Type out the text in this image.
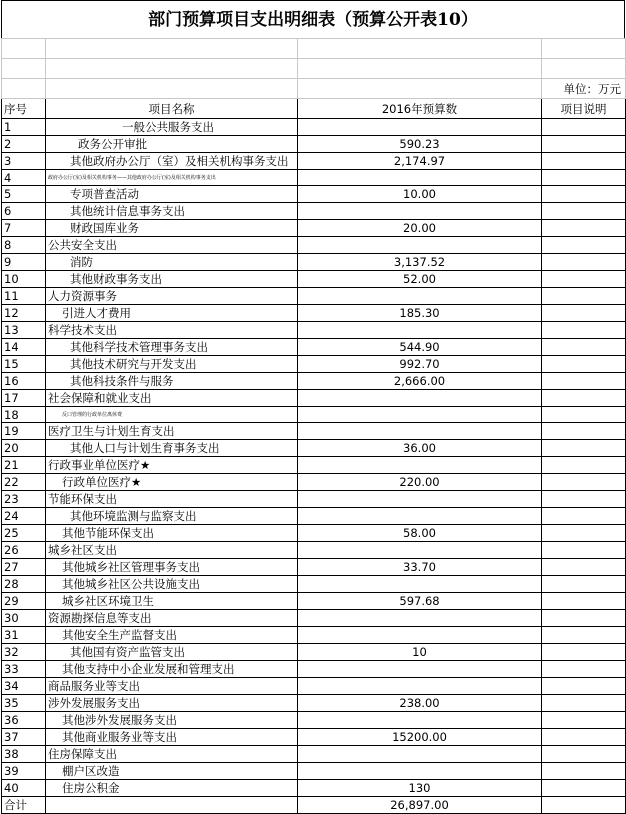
部门预算项目支出明细表（预算公开表10）

			单位：万元
序号	项目名称	2016年预算数	项目说明
1	一般公共服务支出		
2	政务公开审批	590.23	
3	其他政府办公厅（室）及相关机构事务支出	2,174.97	
4	政府办公厅(室)及相关机构事务——其他政府办公厅(室)及相关机构事务支出		
5	专项普查活动	10.00	
6	其他统计信息事务支出		
7	财政国库业务	20.00	
8	公共安全支出		
9	消防	3,137.52	
10	其他财政事务支出	52.00	
11	人力资源事务		
12	引进人才费用	185.30	
13	科学技术支出		
14	其他科学技术管理事务支出	544.90	
15	其他技术研究与开发支出	992.70	
16	其他科技条件与服务	2,666.00	
17	社会保障和就业支出		
18	反口管理的行政单位离休费		
19	医疗卫生与计划生育支出		
20	其他人口与计划生育事务支出	36.00	
21	行政事业单位医疗★		
22	行政单位医疗★	220.00	
23	节能环保支出		
24	其他环境监测与监察支出		
25	其他节能环保支出	58.00	
26	城乡社区支出		
27	其他城乡社区管理事务支出	33.70	
28	其他城乡社区公共设施支出		
29	城乡社区环境卫生	597.68	
30	资源勘探信息等支出		
31	其他安全生产监督支出		
32	其他国有资产监管支出	10	
33	其他支持中小企业发展和管理支出		
34	商品服务业等支出		
35	涉外发展服务支出	238.00	
36	其他涉外发展服务支出		
37	其他商业服务业等支出	15200.00	
38	住房保障支出		
39	棚户区改造		
40	住房公积金	130	
合计		26,897.00	
